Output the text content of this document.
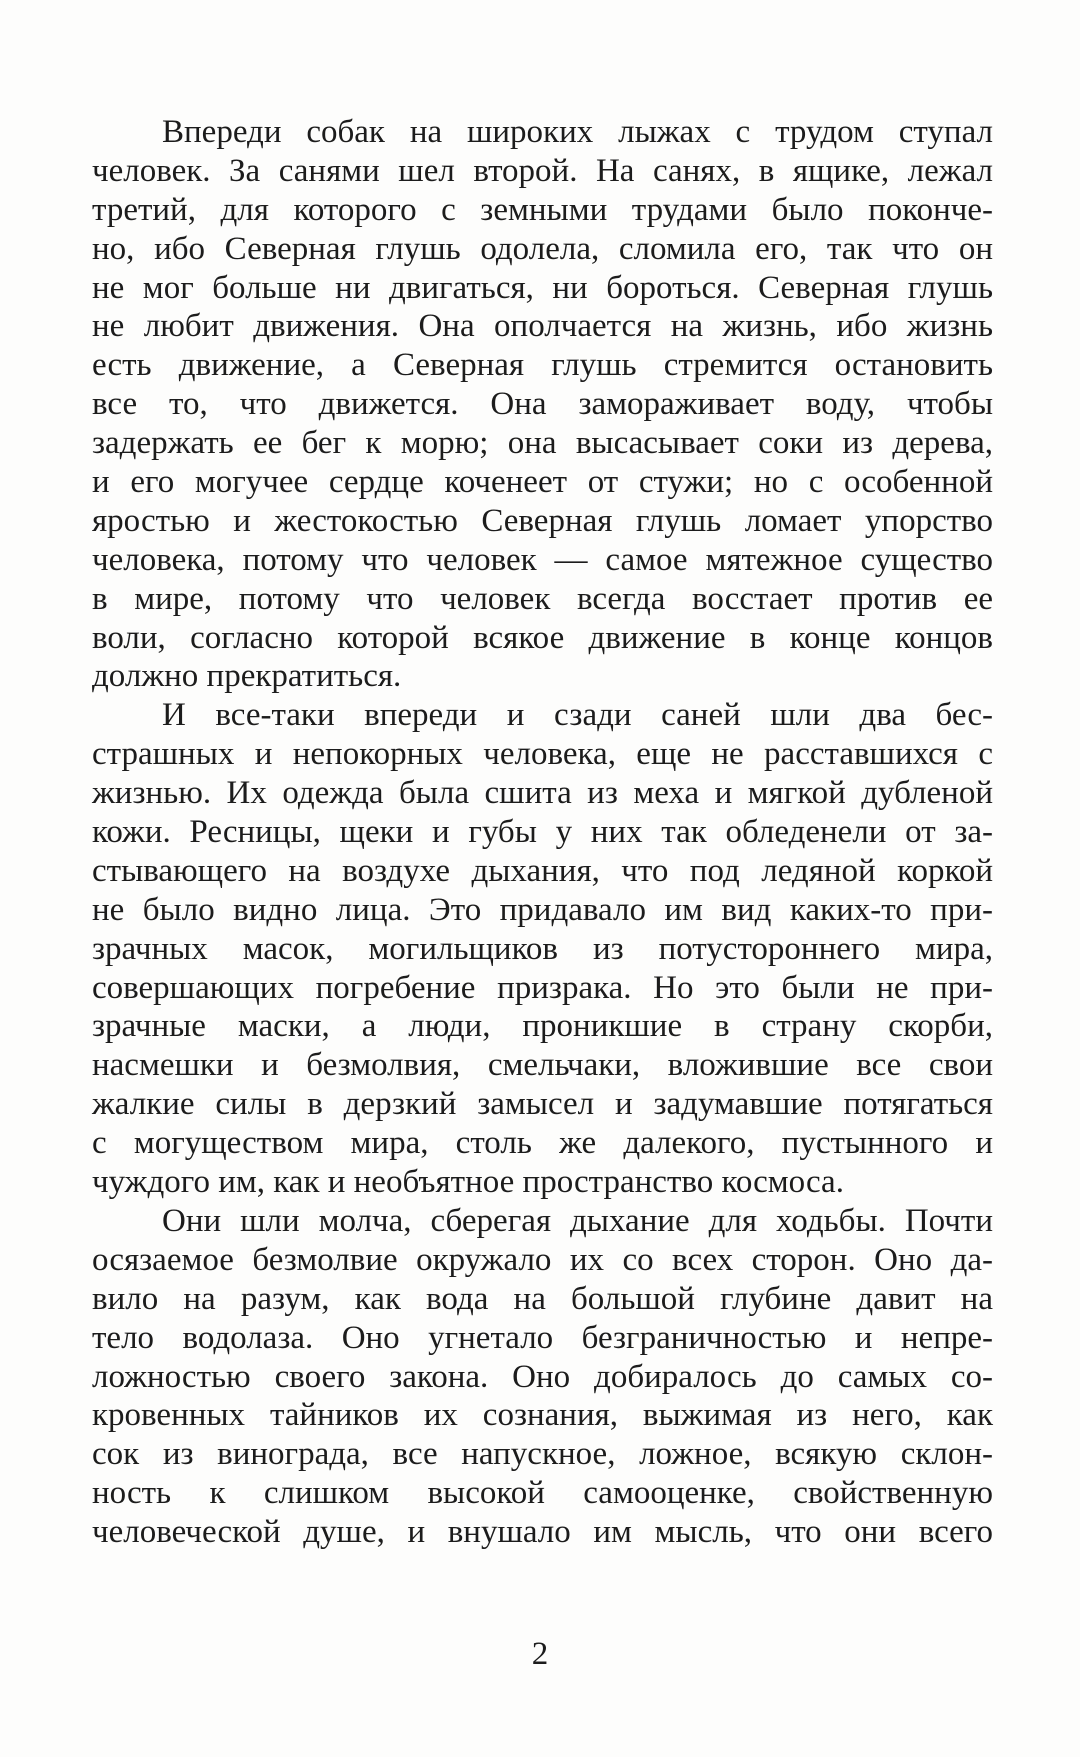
Впереди собак на широких лыжах с трудом ступал
человек. За санями шел второй. На санях, в ящике, лежал
третий, для которого с земными трудами было поконче-
но, ибо Северная глушь одолела, сломила его, так что он
не мог больше ни двигаться, ни бороться. Северная глушь
не любит движения. Она ополчается на жизнь, ибо жизнь
есть движение, а Северная глушь стремится остановить
все то, что движется. Она замораживает воду, чтобы
задержать ее бег к морю; она высасывает соки из дерева,
и его могучее сердце коченеет от стужи; но с особенной
яростью и жестокостью Северная глушь ломает упорство
человека, потому что человек — самое мятежное существо
в мире, потому что человек всегда восстает против ее
воли, согласно которой всякое движение в конце концов
должно прекратиться.
И все-таки впереди и сзади саней шли два бес-
страшных и непокорных человека, еще не расставшихся с
жизнью. Их одежда была сшита из меха и мягкой дубленой
кожи. Ресницы, щеки и губы у них так обледенели от за-
стывающего на воздухе дыхания, что под ледяной коркой
не было видно лица. Это придавало им вид каких-то при-
зрачных масок, могильщиков из потустороннего мира,
совершающих погребение призрака. Но это были не при-
зрачные маски, а люди, проникшие в страну скорби,
насмешки и безмолвия, смельчаки, вложившие все свои
жалкие силы в дерзкий замысел и задумавшие потягаться
с могуществом мира, столь же далекого, пустынного и
чуждого им, как и необъятное пространство космоса.
Они шли молча, сберегая дыхание для ходьбы. Почти
осязаемое безмолвие окружало их со всех сторон. Оно да-
вило на разум, как вода на большой глубине давит на
тело водолаза. Оно угнетало безграничностью и непре-
ложностью своего закона. Оно добиралось до самых со-
кровенных тайников их сознания, выжимая из него, как
сок из винограда, все напускное, ложное, всякую склон-
ность к слишком высокой самооценке, свойственную
человеческой душе, и внушало им мысль, что они всего
2
